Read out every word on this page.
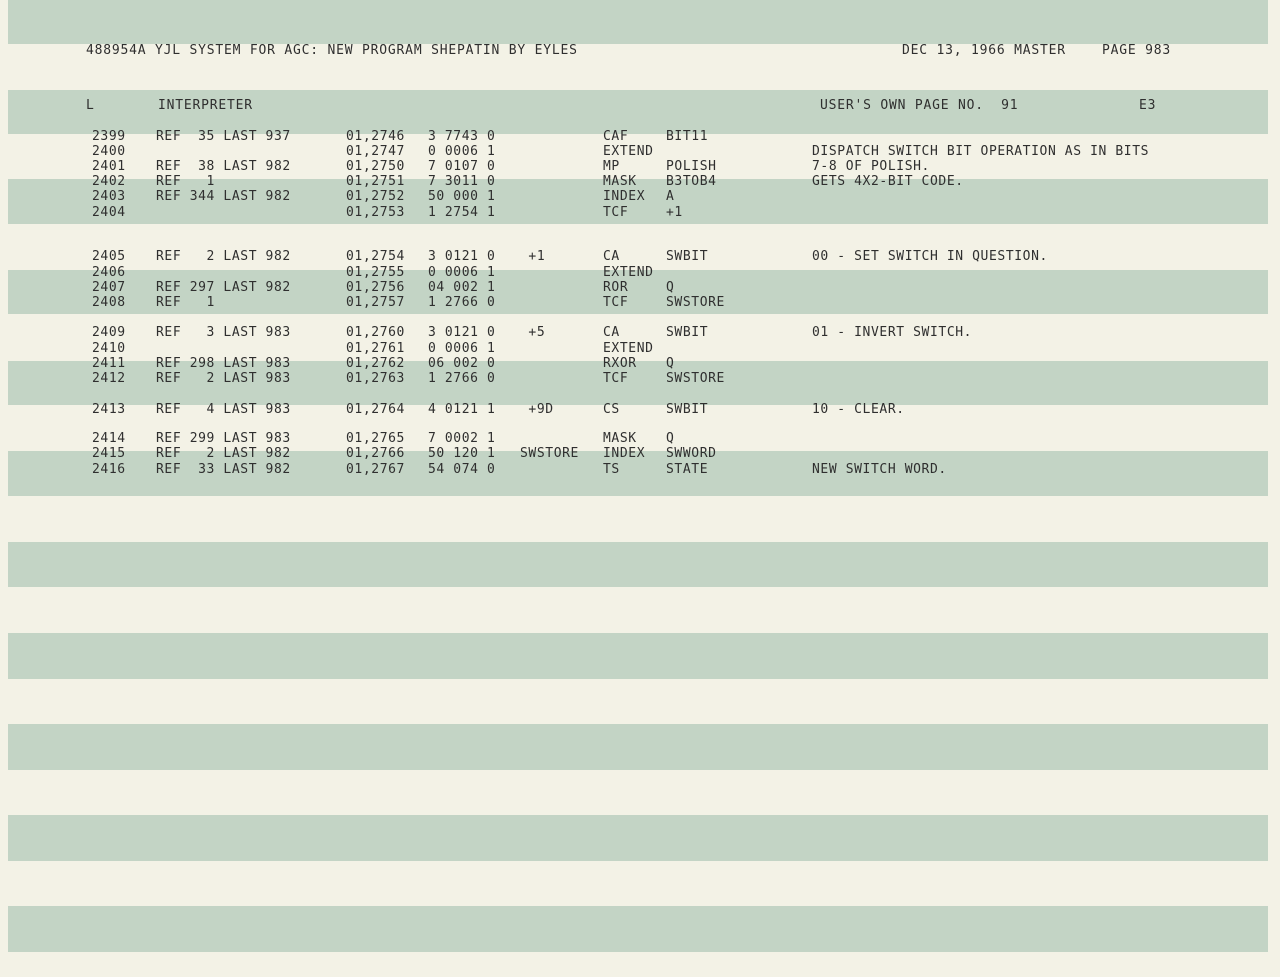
488954A YJL SYSTEM FOR AGC: NEW PROGRAM SHEPATIN BY EYLES	DEC 13, 1966 MASTER	PAGE 983
L	INTERPRETER	USER'S OWN PAGE NO.  91	E3
2399 REF  35 LAST 937	01,2746 3 7743 0	CAF	BIT11
2400	01,2747 0 0006 1	EXTEND	DISPATCH SWITCH BIT OPERATION AS IN BITS
2401 REF  38 LAST 982	01,2750 7 0107 0	MP	POLISH	7-8 OF POLISH.
2402 REF   1	01,2751 7 3011 0	MASK B3TOB4	GETS 4X2-BIT CODE.
2403 REF 344 LAST 982	01,2752 50 000 1	INDEX A
2404	01,2753 1 2754 1	TCF	+1
2405 REF   2 LAST 982	01,2754 3 0121 0 +1	CA	SWBIT	00 - SET SWITCH IN QUESTION.
2406	01,2755 0 0006 1	EXTEND
2407 REF 297 LAST 982	01,2756 04 002 1	ROR	Q
2408 REF   1	01,2757 1 2766 0	TCF	SWSTORE
2409 REF   3 LAST 983	01,2760 3 0121 0 +5	CA	SWBIT	01 - INVERT SWITCH.
2410	01,2761 0 0006 1	EXTEND
2411 REF 298 LAST 983	01,2762 06 002 0	RXOR Q
2412 REF   2 LAST 983	01,2763 1 2766 0	TCF	SWSTORE
2413 REF   4 LAST 983	01,2764 4 0121 1 +9D	CS	SWBIT	10 - CLEAR.
2414 REF 299 LAST 983	01,2765 7 0002 1	MASK Q
2415 REF   2 LAST 982	01,2766 50 120 1 SWSTORE INDEX SWWORD
2416 REF  33 LAST 982	01,2767 54 074 0	TS	STATE	NEW SWITCH WORD.
